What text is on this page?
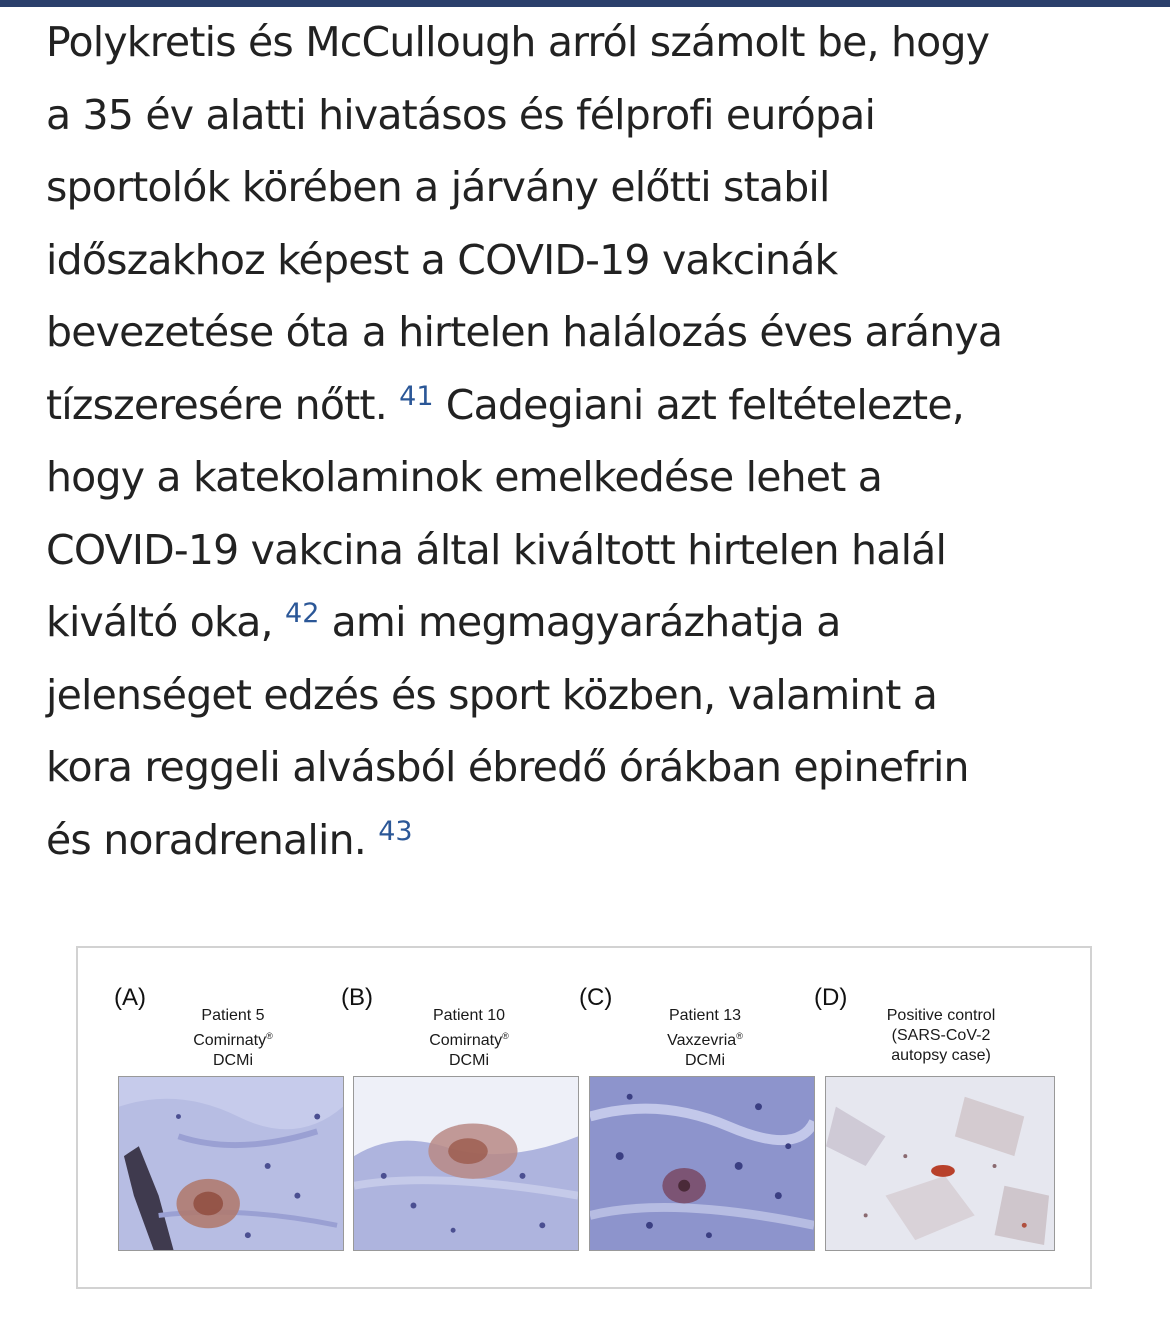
Polykretis és McCullough arról számolt be, hogy
a 35 év alatti hivatásos és félprofi európai
sportolók körében a járvány előtti stabil
időszakhoz képest a COVID-19 vakcinák
bevezetése óta a hirtelen halálozás éves aránya
tízszeresére nőtt. $^{41}$ Cadegiani azt feltételezte,
hogy a katekolaminok emelkedése lehet a
COVID-19 vakcina által kiváltott hirtelen halál
kiváltó oka, $^{42}$ ami megmagyarázhatja a
jelenséget edzés és sport közben, valamint a
kora reggeli alvásból ébredő órákban epinefrin
és noradrenalin. $^{43}$
(A)
Patient 5
Comirnaty®
DCMi
(B)
Patient 10
Comirnaty®
DCMi
(C)
Patient 13
Vaxzevria®
DCMi
(D)
Positive control
(SARS-CoV-2
autopsy case)
